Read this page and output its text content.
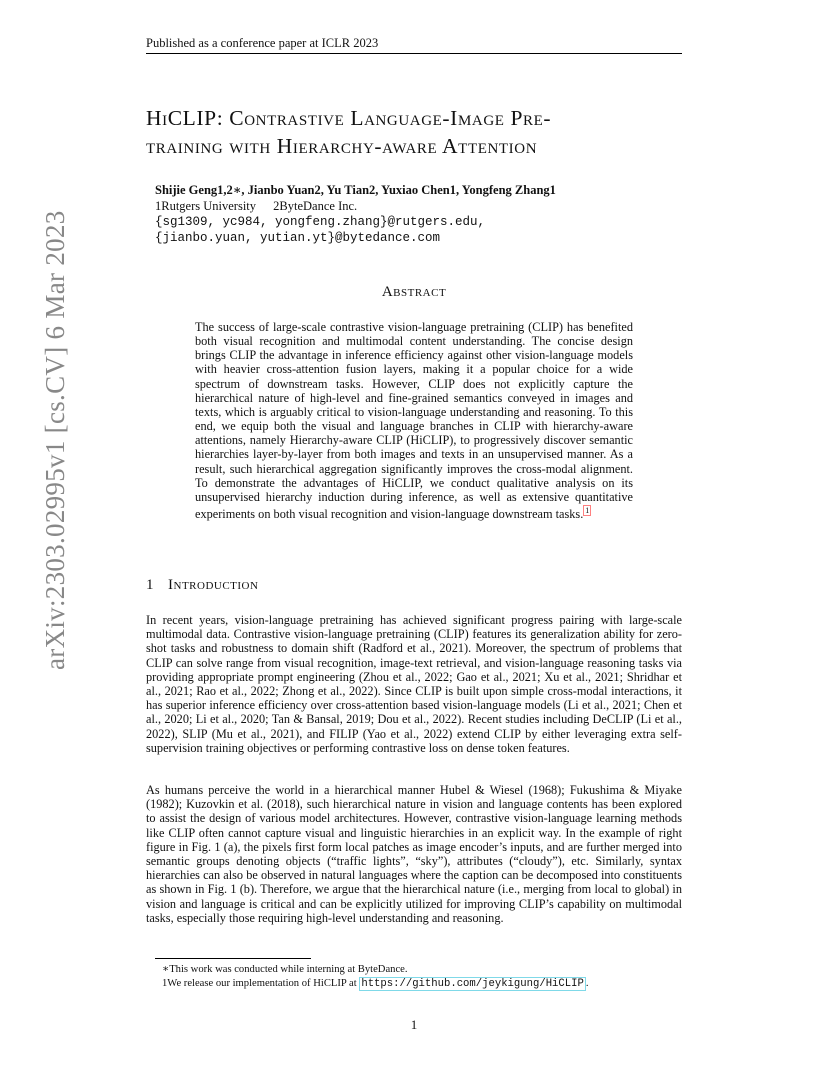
arXiv:2303.02995v1 [cs.CV] 6 Mar 2023
Published as a conference paper at ICLR 2023
HiCLIP: Contrastive Language-Image Pre-
training with Hierarchy-aware Attention
Shijie Geng1,2∗, Jianbo Yuan2, Yu Tian2, Yuxiao Chen1, Yongfeng Zhang1
1Rutgers University 2ByteDance Inc.
{sg1309, yc984, yongfeng.zhang}@rutgers.edu,
{jianbo.yuan, yutian.yt}@bytedance.com
Abstract
The success of large-scale contrastive vision-language pretraining (CLIP) has benefited both visual recognition and multimodal content understanding. The concise design brings CLIP the advantage in inference efficiency against other vision-language models with heavier cross-attention fusion layers, making it a popular choice for a wide spectrum of downstream tasks. However, CLIP does not explicitly capture the hierarchical nature of high-level and fine-grained semantics conveyed in images and texts, which is arguably critical to vision-language understanding and reasoning. To this end, we equip both the visual and language branches in CLIP with hierarchy-aware attentions, namely Hierarchy-aware CLIP (HiCLIP), to progressively discover semantic hierarchies layer-by-layer from both images and texts in an unsupervised manner. As a result, such hierarchical aggregation significantly improves the cross-modal alignment. To demonstrate the advantages of HiCLIP, we conduct qualitative analysis on its unsupervised hierarchy induction during inference, as well as extensive quantitative experiments on both visual recognition and vision-language downstream tasks. $^1$
1 Introduction
In recent years, vision-language pretraining has achieved significant progress pairing with large-scale multimodal data. Contrastive vision-language pretraining (CLIP) features its generalization ability for zero-shot tasks and robustness to domain shift (Radford et al., 2021). Moreover, the spectrum of problems that CLIP can solve range from visual recognition, image-text retrieval, and vision-language reasoning tasks via providing appropriate prompt engineering (Zhou et al., 2022; Gao et al., 2021; Xu et al., 2021; Shridhar et al., 2021; Rao et al., 2022; Zhong et al., 2022). Since CLIP is built upon simple cross-modal interactions, it has superior inference efficiency over cross-attention based vision-language models (Li et al., 2021; Chen et al., 2020; Li et al., 2020; Tan & Bansal, 2019; Dou et al., 2022). Recent studies including DeCLIP (Li et al., 2022), SLIP (Mu et al., 2021), and FILIP (Yao et al., 2022) extend CLIP by either leveraging extra self-supervision training objectives or performing contrastive loss on dense token features.
As humans perceive the world in a hierarchical manner Hubel & Wiesel (1968); Fukushima & Miyake (1982); Kuzovkin et al. (2018), such hierarchical nature in vision and language contents has been explored to assist the design of various model architectures. However, contrastive vision-language learning methods like CLIP often cannot capture visual and linguistic hierarchies in an explicit way. In the example of right figure in Fig. 1 (a), the pixels first form local patches as image encoder’s inputs, and are further merged into semantic groups denoting objects (“traffic lights”, “sky”), attributes (“cloudy”), etc. Similarly, syntax hierarchies can also be observed in natural languages where the caption can be decomposed into constituents as shown in Fig. 1 (b). Therefore, we argue that the hierarchical nature (i.e., merging from local to global) in vision and language is critical and can be explicitly utilized for improving CLIP’s capability on multimodal tasks, especially those requiring high-level understanding and reasoning.
∗This work was conducted while interning at ByteDance.
1We release our implementation of HiCLIP at https://github.com/jeykigung/HiCLIP .
1
